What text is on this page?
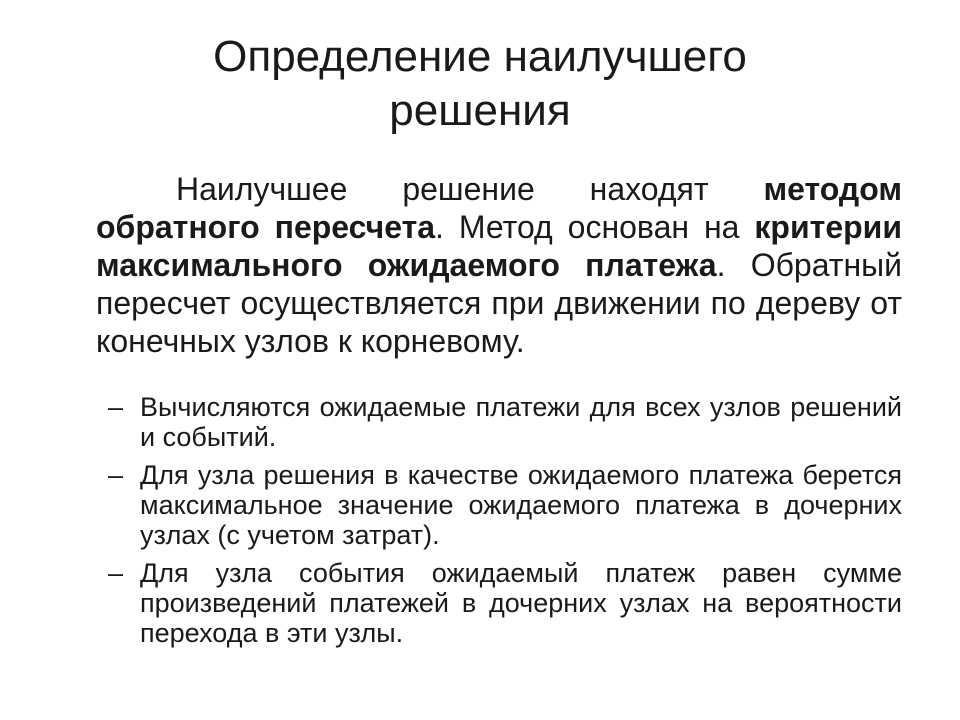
Определение наилучшего
решения

Наилучшее решение находят методом обратного пересчета. Метод основан на критерии максимального ожидаемого платежа. Обратный пересчет осуществляется при движении по дереву от конечных узлов к корневому.

– Вычисляются ожидаемые платежи для всех узлов решений и событий.
– Для узла решения в качестве ожидаемого платежа берется максимальное значение ожидаемого платежа в дочерних узлах (с учетом затрат).
– Для узла события ожидаемый платеж равен сумме произведений платежей в дочерних узлах на вероятности перехода в эти узлы.
